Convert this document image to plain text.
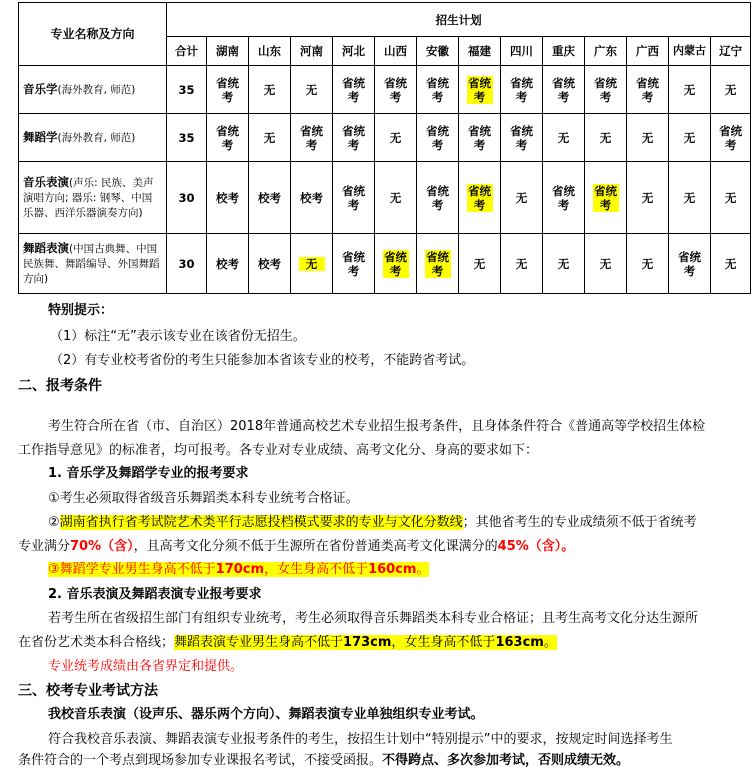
专业名称及方向	招生计划													
	合计	湖南	山东	河南	河北	山西	安徽	福建	四川	重庆	广东	广西	内蒙古	辽宁
音乐学(海外教育, 师范)	35	省统考	无	无	省统考	省统考	省统考	省统考	省统考	省统考	省统考	省统考	无	无
舞蹈学(海外教育, 师范)	35	省统考	无	省统考	省统考	无	省统考	省统考	省统考	无	无	无	无	省统考
音乐表演(声乐: 民族、美声演唱方向; 器乐: 钢琴、中国乐器、西洋乐器演奏方向)	30	校考	校考	校考	省统考	无	省统考	省统考	无	省统考	省统考	无	无	无
舞蹈表演(中国古典舞、中国民族舞、舞蹈编导、外国舞蹈方向)	30	校考	校考	无	省统考	省统考	省统考	无	无	无	无	无	省统考	无
特别提示：
（1）标注“无”表示该专业在该省份无招生。
（2）有专业校考省份的考生只能参加本省该专业的校考，不能跨省考试。
二、报考条件
考生符合所在省（市、自治区）2018年普通高校艺术专业招生报考条件，且身体条件符合《普通高等学校招生体检
工作指导意见》的标准者，均可报考。各专业对专业成绩、高考文化分、身高的要求如下：
1. 音乐学及舞蹈学专业的报考要求
①考生必须取得省级音乐舞蹈类本科专业统考合格证。
②湖南省执行省考试院艺术类平行志愿投档模式要求的专业与文化分数线；其他省考生的专业成绩须不低于省统考
专业满分70%（含），且高考文化分须不低于生源所在省份普通类高考文化课满分的45%（含）。
③舞蹈学专业男生身高不低于170cm，女生身高不低于160cm。
2. 音乐表演及舞蹈表演专业报考要求
若考生所在省级招生部门有组织专业统考，考生必须取得音乐舞蹈类本科专业合格证；且考生高考文化分达生源所
在省份艺术类本科合格线；舞蹈表演专业男生身高不低于173cm，女生身高不低于163cm。
专业统考成绩由各省界定和提供。
三、校考专业考试方法
我校音乐表演（设声乐、器乐两个方向）、舞蹈表演专业单独组织专业考试。
符合我校音乐表演、舞蹈表演专业报考条件的考生，按招生计划中“特别提示”中的要求，按规定时间选择考生
条件符合的一个考点到现场参加专业课报名考试，不接受函报。不得跨点、多次参加考试，否则成绩无效。
